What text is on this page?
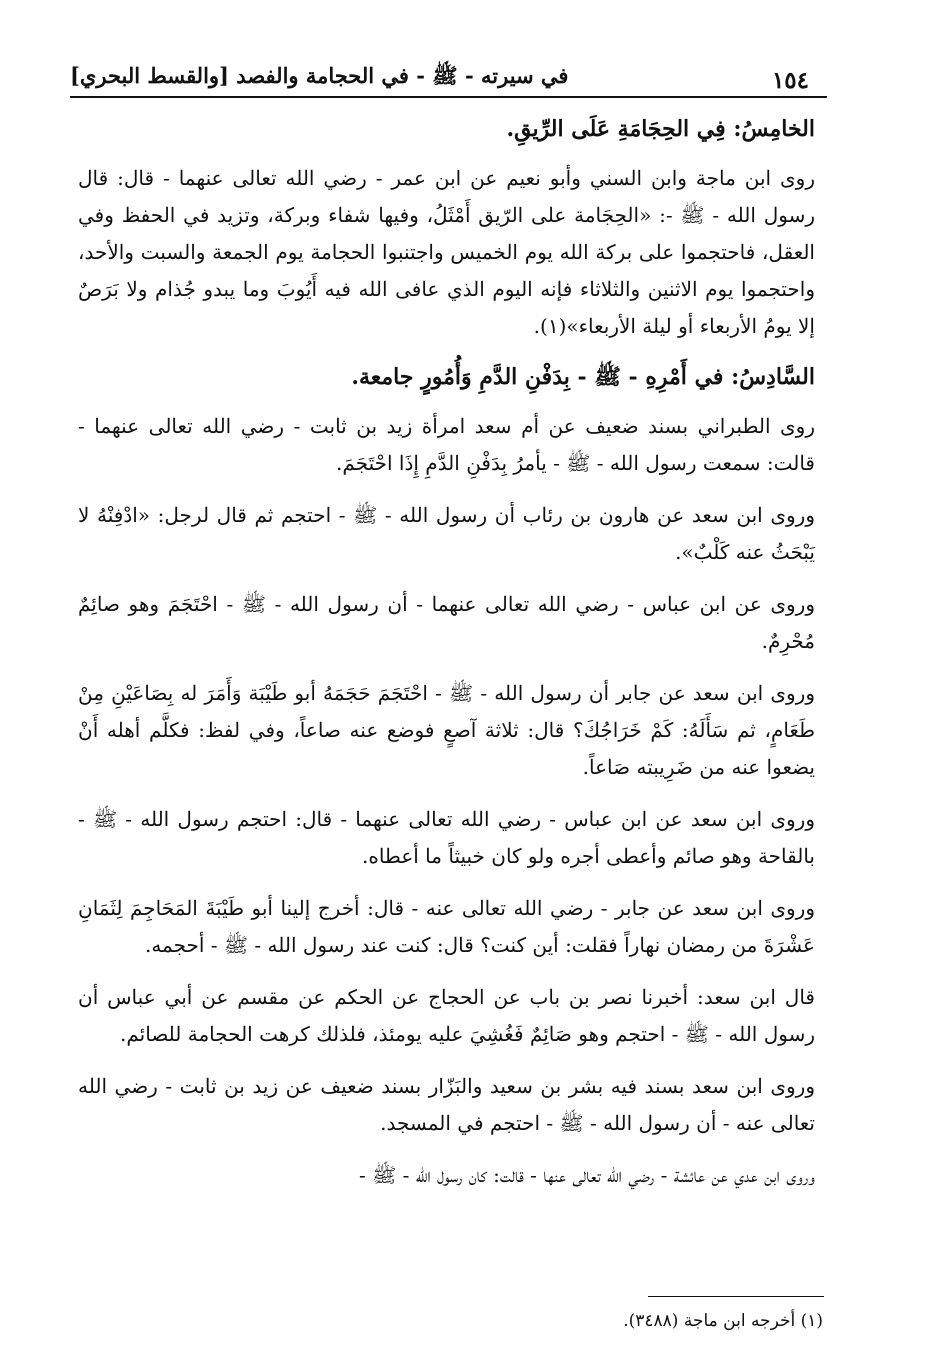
١٥٤
في سيرته - ﷺ - في الحجامة والفصد [والقسط البحري]
الخامِسُ: فِي الحِجَامَةِ عَلَى الرِّيقِ.

روى ابن ماجة وابن السني وأبو نعيم عن ابن عمر - رضي الله تعالى عنهما - قال: قال رسول الله - ﷺ -: «الحِجَامة على الرّيق أَمْثَلُ، وفيها شفاء وبركة، وتزيد في الحفظ وفي العقل، فاحتجموا على بركة الله يوم الخميس واجتنبوا الحجامة يوم الجمعة والسبت والأحد، واحتجموا يوم الاثنين والثلاثاء فإنه اليوم الذي عافى الله فيه أَيُوبَ وما يبدو جُذام ولا بَرَصٌ إلا يومُ الأربعاء أو ليلة الأربعاء»(١).

السَّادِسُ: في أَمْرِهِ - ﷺ - بِدَفْنِ الدَّمِ وَأُمُورٍ جامعة.

روى الطبراني بسند ضعيف عن أم سعد امرأة زيد بن ثابت - رضي الله تعالى عنهما - قالت: سمعت رسول الله - ﷺ - يأمرُ بِدَفْنِ الدَّمِ إِذَا احْتَجَمَ.

وروى ابن سعد عن هارون بن رئاب أن رسول الله - ﷺ - احتجم ثم قال لرجل: «ادْفِنْهُ لا يَبْحَثُ عنه كَلْبٌ».

وروى عن ابن عباس - رضي الله تعالى عنهما - أن رسول الله - ﷺ - احْتَجَمَ وهو صائِمٌ مُحْرِمٌ.

وروى ابن سعد عن جابر أن رسول الله - ﷺ - احْتَجَمَ حَجَمَهُ أبو طَيْبَة وَأَمَرَ له بِصَاعَيْنِ مِنْ طَعَامٍ، ثم سَأَلَهُ: كَمْ خَرَاجُكَ؟ قال: ثلاثة آصعٍ فوضع عنه صاعاً، وفي لفظ: فكلَّم أهله أَنْ يضعوا عنه من ضَرِيبته صَاعاً.

وروى ابن سعد عن ابن عباس - رضي الله تعالى عنهما - قال: احتجم رسول الله - ﷺ - بالقاحة وهو صائم وأعطى أجره ولو كان خبيثاً ما أعطاه.

وروى ابن سعد عن جابر - رضي الله تعالى عنه - قال: أخرج إلينا أبو طَيْبَةَ المَحَاجِمَ لِثَمَانِ عَشْرَةَ من رمضان نهاراً فقلت: أين كنت؟ قال: كنت عند رسول الله - ﷺ - أحجمه.

قال ابن سعد: أخبرنا نصر بن باب عن الحجاج عن الحكم عن مقسم عن أبي عباس أن رسول الله - ﷺ - احتجم وهو صَائِمٌ فَغُشِيَ عليه يومئذ، فلذلك كرهت الحجامة للصائم.

وروى ابن سعد بسند فيه بشر بن سعيد والبَزّار بسند ضعيف عن زيد بن ثابت - رضي الله تعالى عنه - أن رسول الله - ﷺ - احتجم في المسجد.

وروى ابن عدي عن عائشة - رضي الله تعالى عنها - قالت: كان رسول الله - ﷺ -

(١) أخرجه ابن ماجة (٣٤٨٨).
